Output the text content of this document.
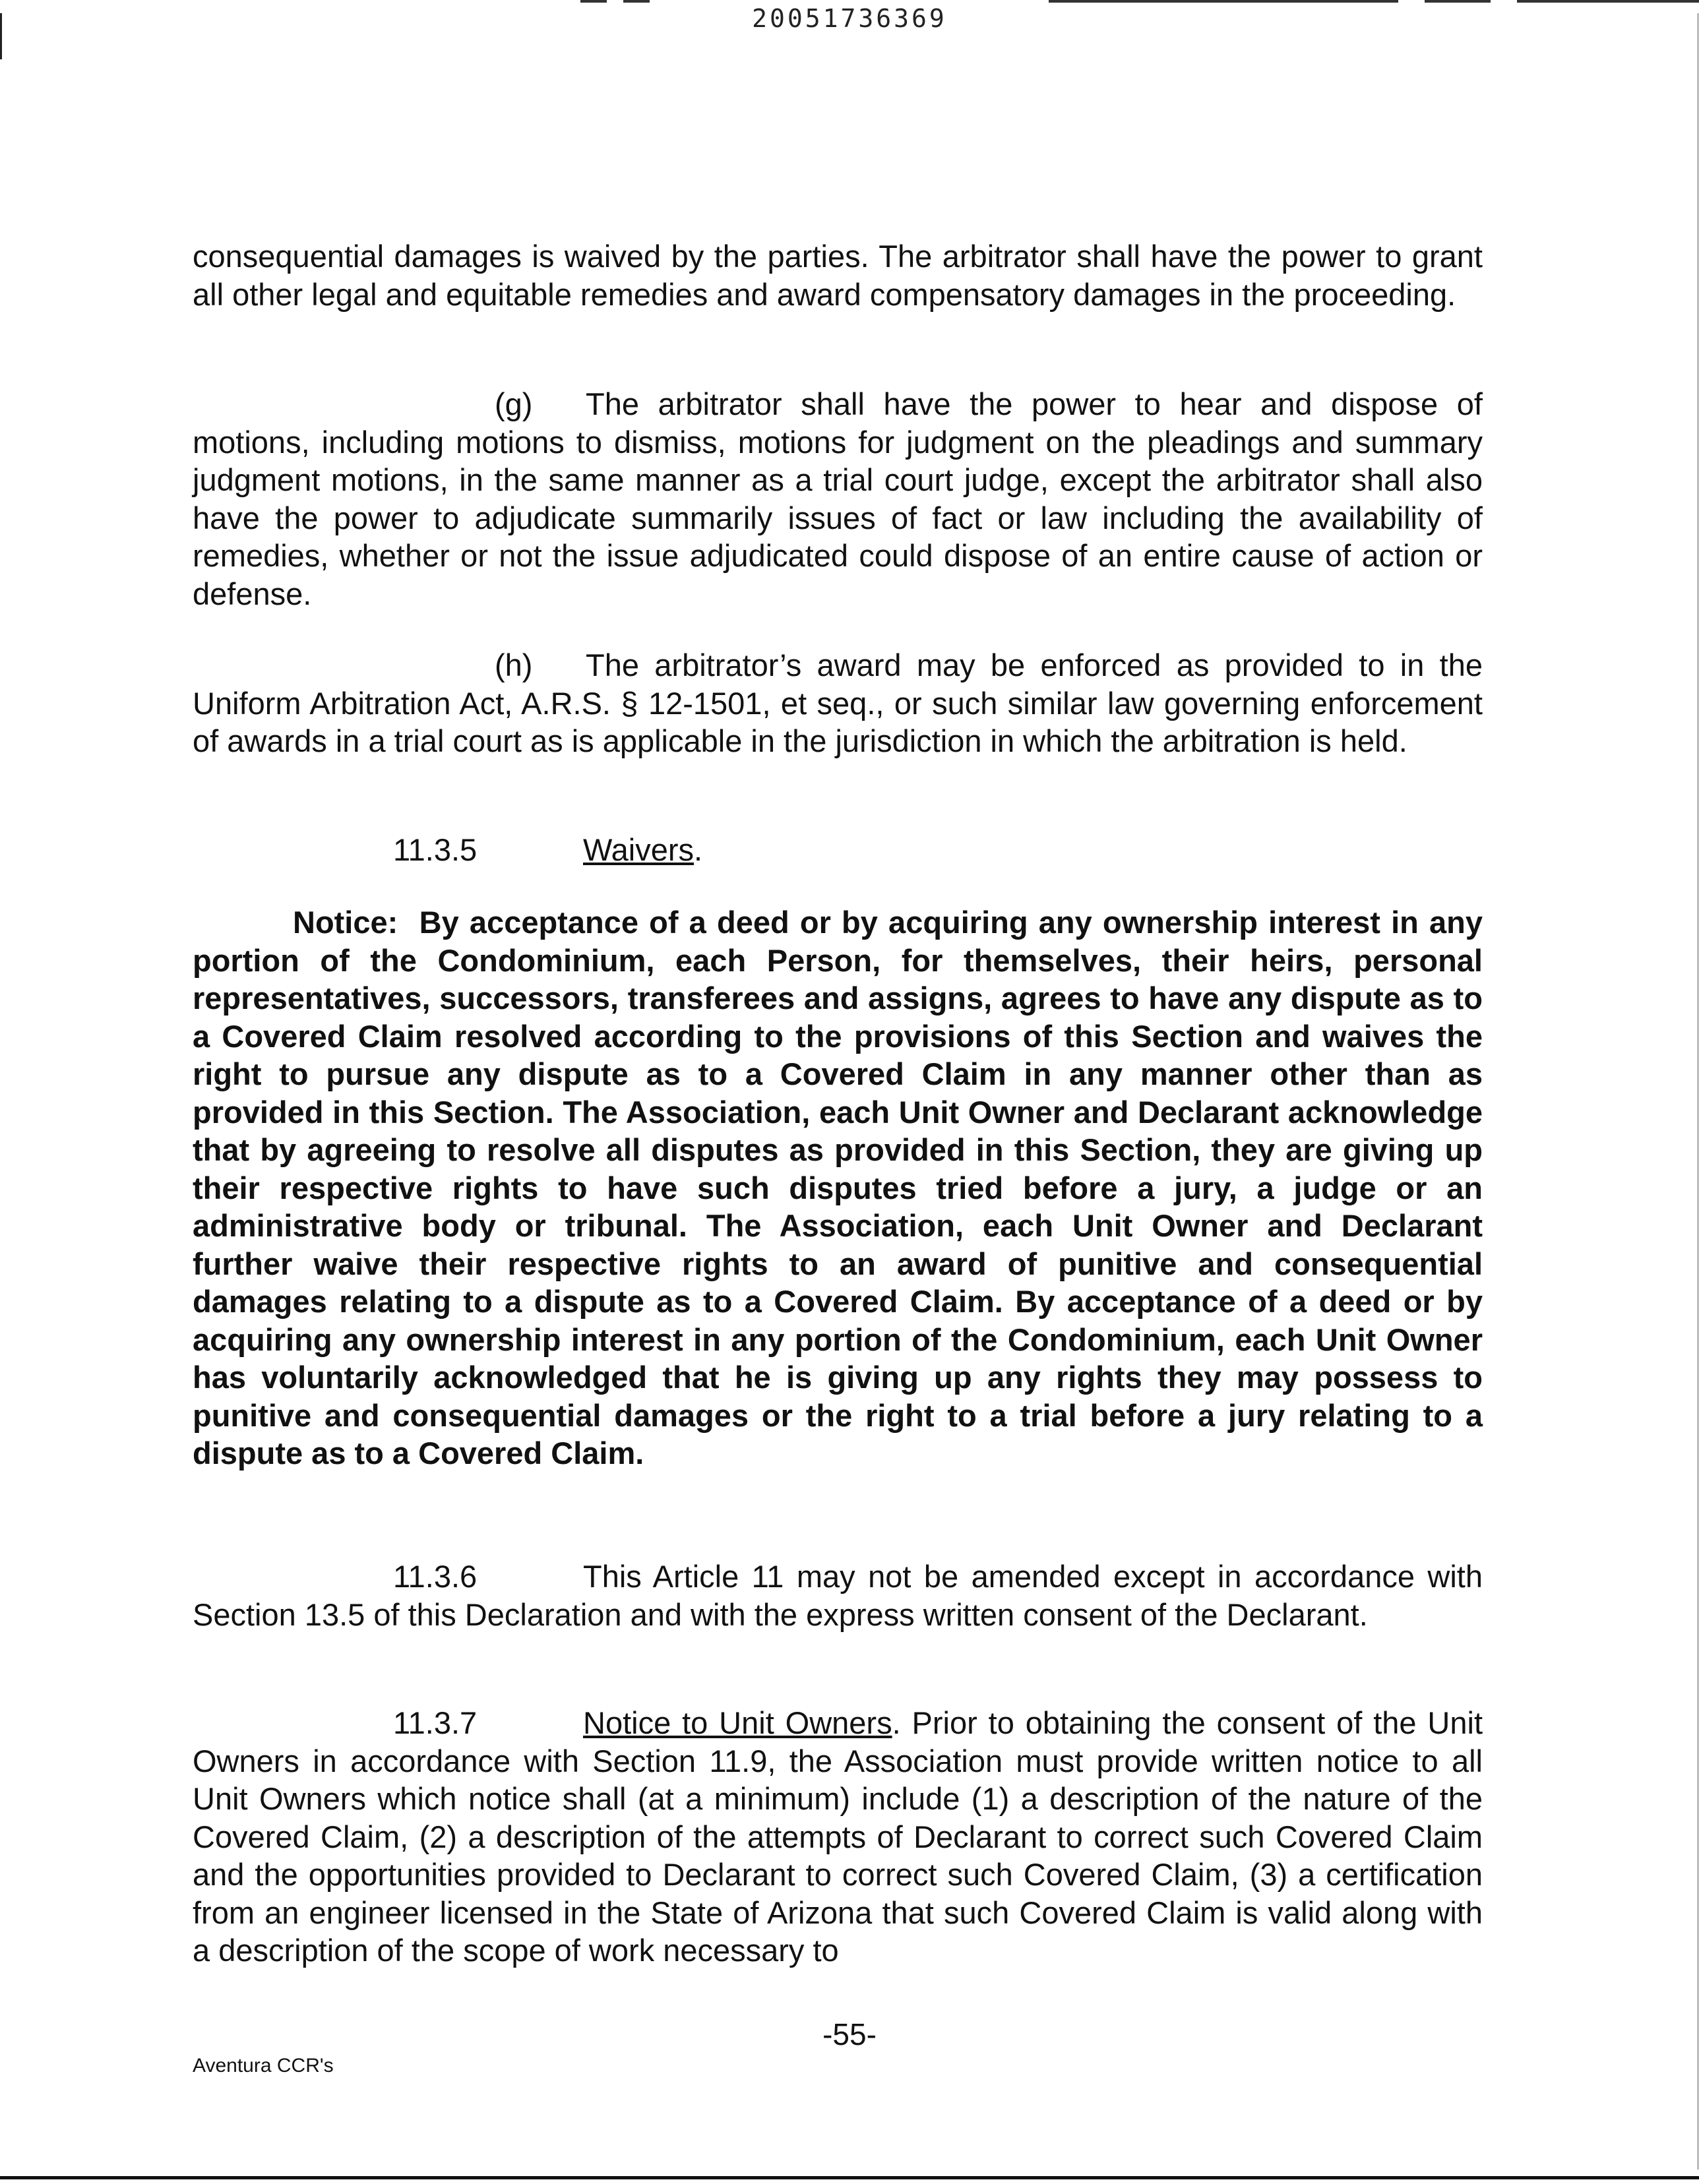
20051736369

consequential damages is waived by the parties. The arbitrator shall have the power to grant all other legal and equitable remedies and award compensatory damages in the proceeding.

(g) The arbitrator shall have the power to hear and dispose of motions, including motions to dismiss, motions for judgment on the pleadings and summary judgment motions, in the same manner as a trial court judge, except the arbitrator shall also have the power to adjudicate summarily issues of fact or law including the availability of remedies, whether or not the issue adjudicated could dispose of an entire cause of action or defense.

(h) The arbitrator’s award may be enforced as provided to in the Uniform Arbitration Act, A.R.S. § 12-1501, et seq., or such similar law governing enforcement of awards in a trial court as is applicable in the jurisdiction in which the arbitration is held.

11.3.5	Waivers.

Notice: By acceptance of a deed or by acquiring any ownership interest in any portion of the Condominium, each Person, for themselves, their heirs, personal representatives, successors, transferees and assigns, agrees to have any dispute as to a Covered Claim resolved according to the provisions of this Section and waives the right to pursue any dispute as to a Covered Claim in any manner other than as provided in this Section. The Association, each Unit Owner and Declarant acknowledge that by agreeing to resolve all disputes as provided in this Section, they are giving up their respective rights to have such disputes tried before a jury, a judge or an administrative body or tribunal. The Association, each Unit Owner and Declarant further waive their respective rights to an award of punitive and consequential damages relating to a dispute as to a Covered Claim. By acceptance of a deed or by acquiring any ownership interest in any portion of the Condominium, each Unit Owner has voluntarily acknowledged that he is giving up any rights they may possess to punitive and consequential damages or the right to a trial before a jury relating to a dispute as to a Covered Claim.

11.3.6	This Article 11 may not be amended except in accordance with Section 13.5 of this Declaration and with the express written consent of the Declarant.

11.3.7	Notice to Unit Owners. Prior to obtaining the consent of the Unit Owners in accordance with Section 11.9, the Association must provide written notice to all Unit Owners which notice shall (at a minimum) include (1) a description of the nature of the Covered Claim, (2) a description of the attempts of Declarant to correct such Covered Claim and the opportunities provided to Declarant to correct such Covered Claim, (3) a certification from an engineer licensed in the State of Arizona that such Covered Claim is valid along with a description of the scope of work necessary to

-55-
Aventura CCR's
